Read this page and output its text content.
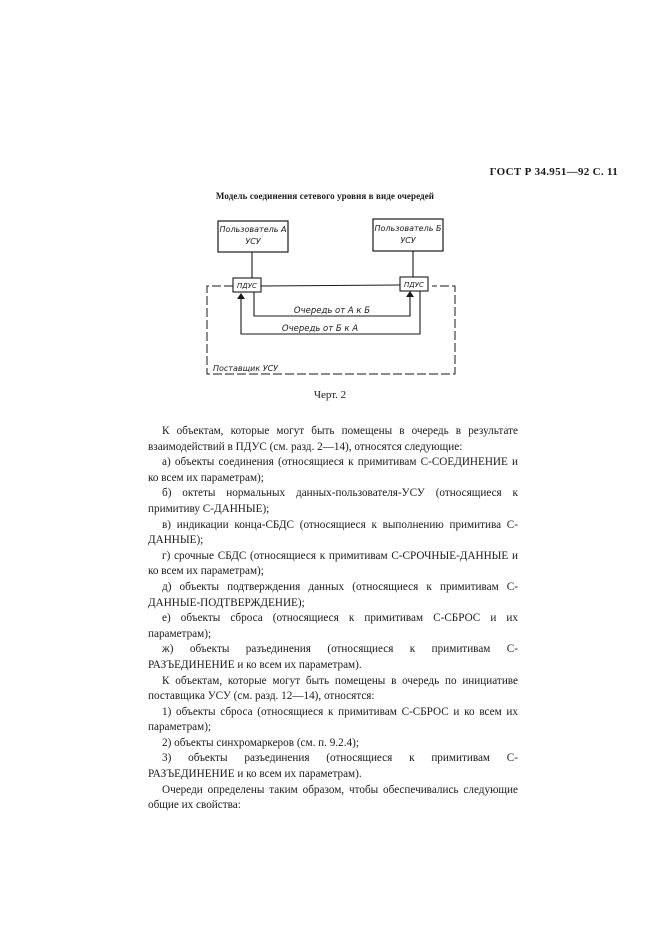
ГОСТ Р 34.951—92 С. 11
Модель соединения сетевого уровня в виде очередей
Пользователь А
УСУ
Пользователь Б
УСУ
ПДУС	ПДУС
Очередь от А к Б
Очередь от Б к А
Поставщик УСУ
Черт. 2

К объектам, которые могут быть помещены в очередь в результате взаимодействий в ПДУС (см. разд. 2—14), относятся следующие:

а) объекты соединения (относящиеся к примитивам С-СОЕДИНЕНИЕ и ко всем их параметрам);

б) октеты нормальных данных-пользователя-УСУ (относящиеся к примитиву С-ДАННЫЕ);

в) индикации конца-СБДС (относящиеся к выполнению примитива С-ДАННЫЕ);

г) срочные СБДС (относящиеся к примитивам С-СРОЧНЫЕ-ДАННЫЕ и ко всем их параметрам);

д) объекты подтверждения данных (относящиеся к примитивам С-ДАННЫЕ-ПОДТВЕРЖДЕНИЕ);

е) объекты сброса (относящиеся к примитивам С-СБРОС и их параметрам);

ж) объекты разъединения (относящиеся к примитивам С-РАЗЪЕДИНЕНИЕ и ко всем их параметрам).

К объектам, которые могут быть помещены в очередь по инициативе поставщика УСУ (см. разд. 12—14), относятся:

1) объекты сброса (относящиеся к примитивам С-СБРОС и ко всем их параметрам);

2) объекты синхромаркеров (см. п. 9.2.4);

3) объекты разъединения (относящиеся к примитивам С-РАЗЪЕДИНЕНИЕ и ко всем их параметрам).

Очереди определены таким образом, чтобы обеспечивались следующие общие их свойства:
